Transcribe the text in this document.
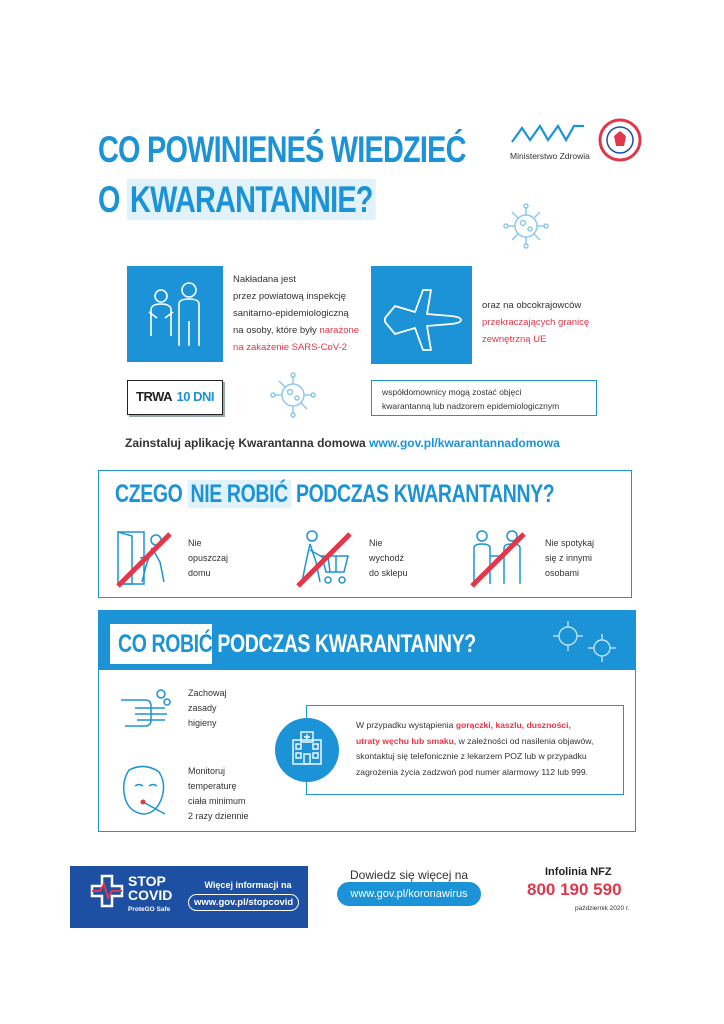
CO POWINIENEŚ WIEDZIEĆ
O KWARANTANNIE?
Ministerstwo Zdrowia
Nakładana jest
przez powiatową inspekcję
sanitarno-epidemiologiczną
na osoby, które były narażone
na zakażenie SARS-CoV-2
oraz na obcokrajowców
przekraczających granicę
zewnętrzną UE
TRWA 10 DNI	współdomownicy mogą zostać objęci
kwarantanną lub nadzorem epidemiologicznym
Zainstaluj aplikację Kwarantanna domowa www.gov.pl/kwarantannadomowa
CZEGO NIE ROBIĆ PODCZAS KWARANTANNY?
Nie
opuszczaj
domu
Nie
wychodź
do sklepu
Nie spotykaj
się z innymi
osobami
CO ROBIĆ PODCZAS KWARANTANNY?
Zachowaj
zasady
higieny
Monitoruj
temperaturę
ciała minimum
2 razy dziennie
W przypadku wystąpienia gorączki, kaszlu, duszności,
utraty węchu lub smaku, w zależności od nasilenia objawów,
skontaktuj się telefonicznie z lekarzem POZ lub w przypadku
zagrożenia życia zadzwoń pod numer alarmowy 112 lub 999.
STOP
COVID
ProteGO Safe
Więcej informacji na
www.gov.pl/stopcovid
Dowiedz się więcej na
www.gov.pl/koronawirus
Infolinia NFZ
800 190 590
październik 2020 r.
